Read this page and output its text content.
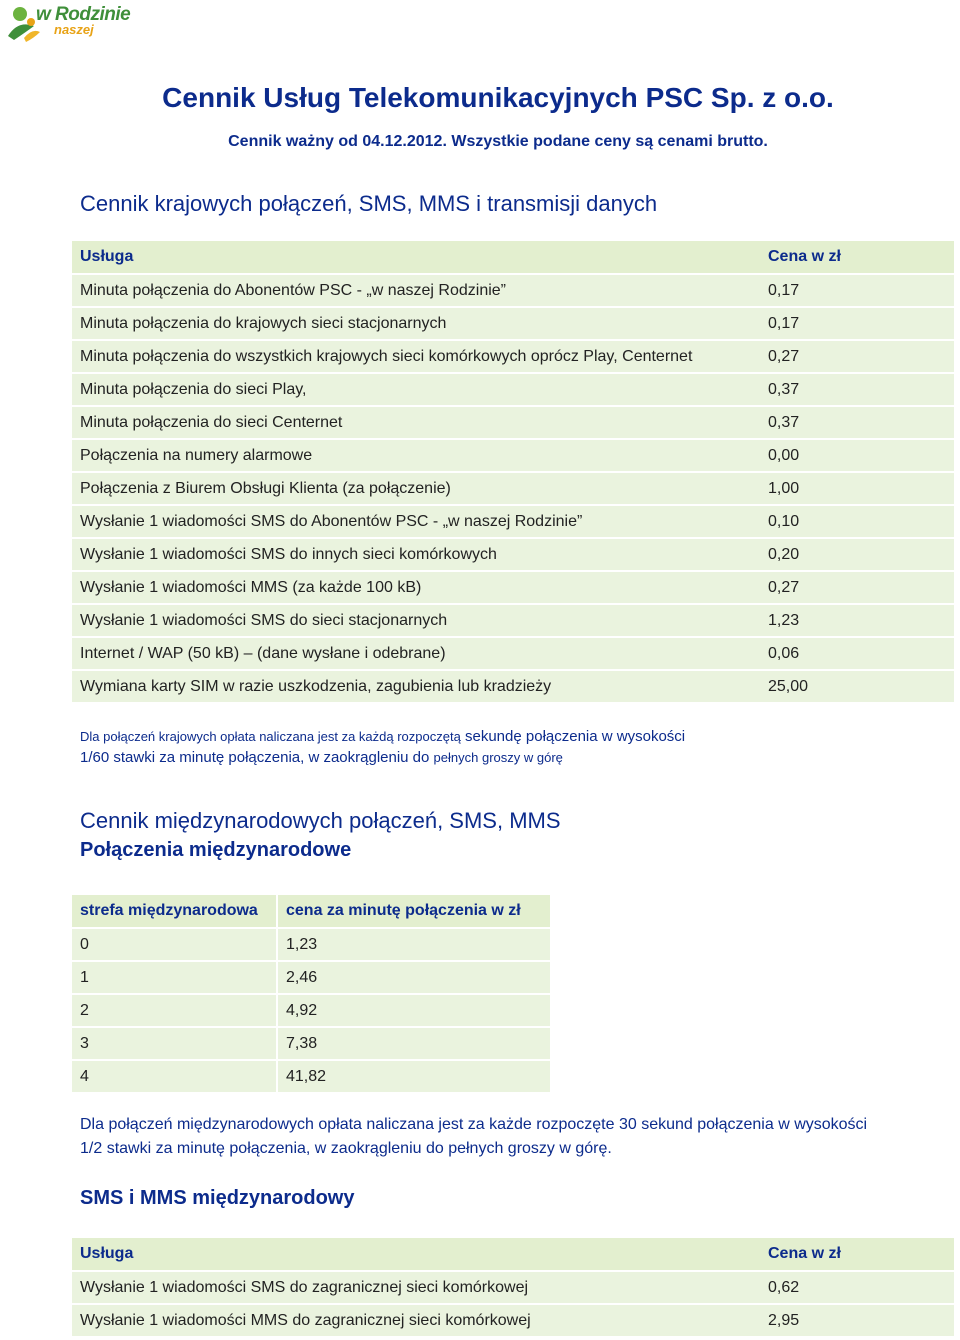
w Rodzinie
naszej
Cennik Usług Telekomunikacyjnych PSC Sp. z o.o.
Cennik ważny od 04.12.2012. Wszystkie podane ceny są cenami brutto.
Cennik krajowych połączeń, SMS, MMS i transmisji danych
Usługa	Cena w zł
Minuta połączenia do Abonentów PSC - „w naszej Rodzinie”	0,17
Minuta połączenia do krajowych sieci stacjonarnych	0,17
Minuta połączenia do wszystkich krajowych sieci komórkowych oprócz Play, Centernet	0,27
Minuta połączenia do sieci Play,	0,37
Minuta połączenia do sieci Centernet	0,37
Połączenia na numery alarmowe	0,00
Połączenia z Biurem Obsługi Klienta (za połączenie)	1,00
Wysłanie 1 wiadomości SMS do Abonentów PSC - „w naszej Rodzinie”	0,10
Wysłanie 1 wiadomości SMS do innych sieci komórkowych	0,20
Wysłanie 1 wiadomości MMS (za każde 100 kB)	0,27
Wysłanie 1 wiadomości SMS do sieci stacjonarnych	1,23
Internet / WAP (50 kB) – (dane wysłane i odebrane)	0,06
Wymiana karty SIM w razie uszkodzenia, zagubienia lub kradzieży	25,00

Dla połączeń krajowych opłata naliczana jest za każdą rozpoczętą sekundę połączenia w wysokości
1/60 stawki za minutę połączenia, w zaokrągleniu do pełnych groszy w górę

Cennik międzynarodowych połączeń, SMS, MMS
Połączenia międzynarodowe
strefa międzynarodowa	cena za minutę połączenia w zł
0	1,23
1	2,46
2	4,92
3	7,38
4	41,82

Dla połączeń międzynarodowych opłata naliczana jest za każde rozpoczęte 30 sekund połączenia w wysokości
1/2 stawki za minutę połączenia, w zaokrągleniu do pełnych groszy w górę.

SMS i MMS międzynarodowy
Usługa	Cena w zł
Wysłanie 1 wiadomości SMS do zagranicznej sieci komórkowej	0,62
Wysłanie 1 wiadomości MMS do zagranicznej sieci komórkowej	2,95
